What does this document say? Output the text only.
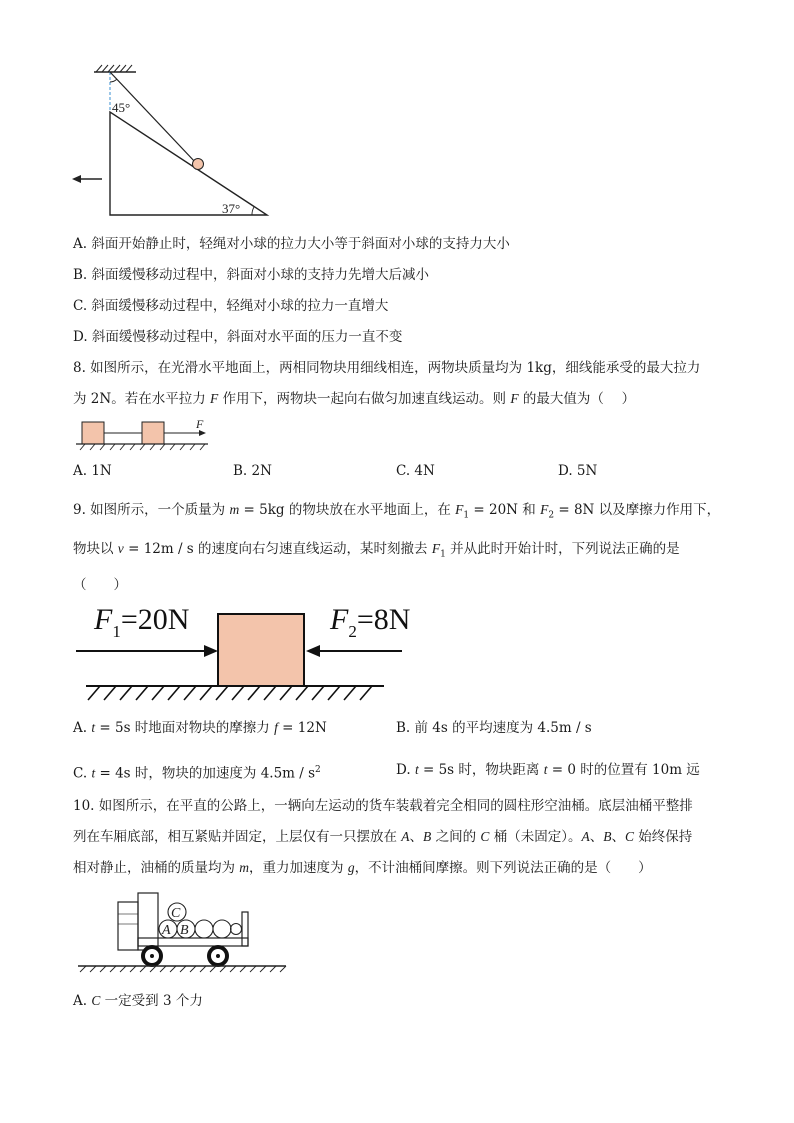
45°
37°
A. 斜面开始静止时，轻绳对小球的拉力大小等于斜面对小球的支持力大小
B. 斜面缓慢移动过程中，斜面对小球的支持力先增大后减小
C. 斜面缓慢移动过程中，轻绳对小球的拉力一直增大
D. 斜面缓慢移动过程中，斜面对水平面的压力一直不变
8. 如图所示，在光滑水平地面上，两相同物块用细线相连，两物块质量均为 1kg，细线能承受的最大拉力
为 2N。若在水平拉力 F 作用下，两物块一起向右做匀加速直线运动。则 F 的最大值为（　 ）
F
A. 1N	B. 2N	C. 4N	D. 5N
9. 如图所示，一个质量为 m = 5kg 的物块放在水平地面上，在 $F_1 = 20N$ 和 $F_2 = 8N$ 以及摩擦力作用下，
物块以 v = 12m / s 的速度向右匀速直线运动，某时刻撤去 $F_1$ 并从此时开始计时，下列说法正确的是
（　　）
$F_1=20N$	$F_2=8N$
A. t = 5s 时地面对物块的摩擦力 f = 12N	B. 前 4s 的平均速度为 4.5m / s
C. t = 4s 时，物块的加速度为 $4.5m / s^2$	D. t = 5s 时，物块距离 t = 0 时的位置有 10m 远
10. 如图所示，在平直的公路上，一辆向左运动的货车装载着完全相同的圆柱形空油桶。底层油桶平整排
列在车厢底部，相互紧贴并固定，上层仅有一只摆放在 A、B 之间的 C 桶（未固定）。A、B、C 始终保持
相对静止，油桶的质量均为 m，重力加速度为 g，不计油桶间摩擦。则下列说法正确的是（　　）
A B
C
A. C 一定受到 3 个力
